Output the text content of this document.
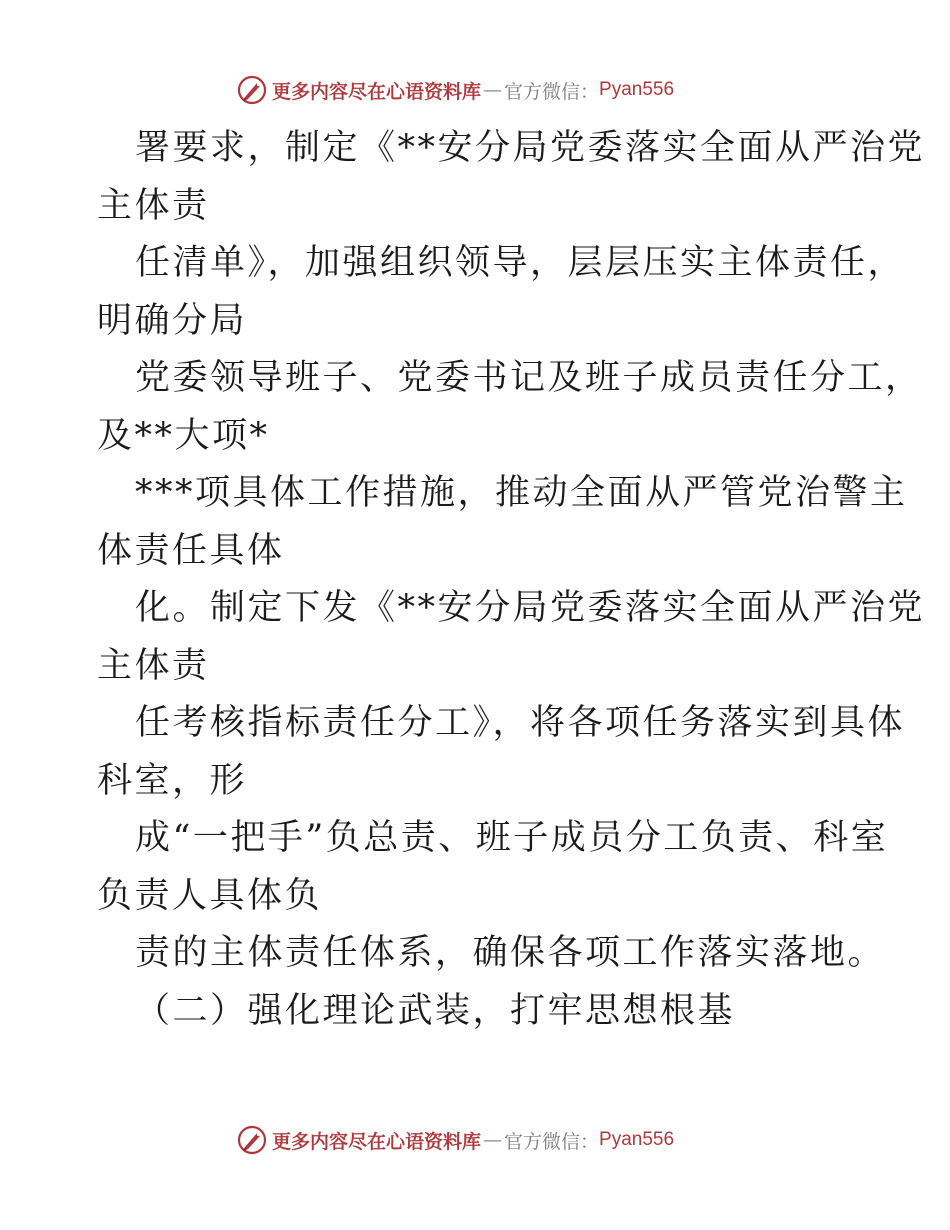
更多内容尽在心语资料库 — 官方微信： Pyan556
署要求，制定《**安分局党委落实全面从严治党
主体责
任清单》，加强组织领导，层层压实主体责任，
明确分局
党委领导班子、党委书记及班子成员责任分工，
及**大项*
***项具体工作措施，推动全面从严管党治警主
体责任具体
化。制定下发《**安分局党委落实全面从严治党
主体责
任考核指标责任分工》，将各项任务落实到具体
科室，形
成“一把手”负总责、班子成员分工负责、科室
负责人具体负
责的主体责任体系，确保各项工作落实落地。
（二）强化理论武装，打牢思想根基
更多内容尽在心语资料库 — 官方微信： Pyan556
